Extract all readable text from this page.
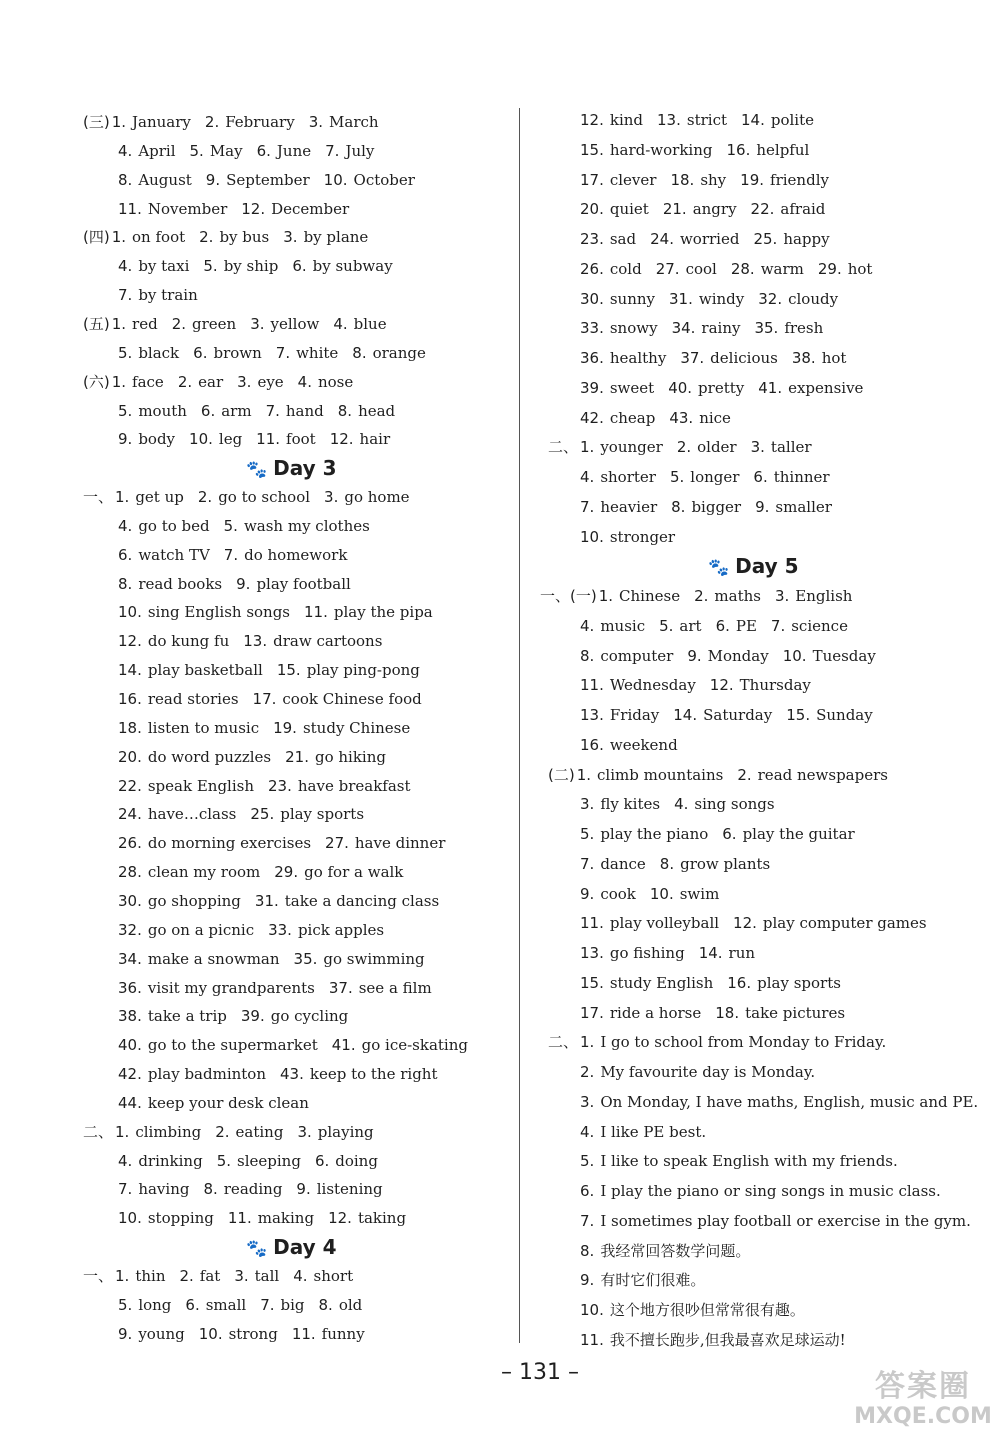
(三) 1. January 2. February 3. March
4. April 5. May 6. June 7. July
8. August 9. September 10. October
11. November 12. December
(四) 1. on foot 2. by bus 3. by plane
4. by taxi 5. by ship 6. by subway
7. by train
(五) 1. red 2. green 3. yellow 4. blue
5. black 6. brown 7. white 8. orange
(六) 1. face 2. ear 3. eye 4. nose
5. mouth 6. arm 7. hand 8. head
9. body 10. leg 11. foot 12. hair
🐾 Day 3
一、 1. get up 2. go to school 3. go home
4. go to bed 5. wash my clothes
6. watch TV 7. do homework
8. read books 9. play football
10. sing English songs 11. play the pipa
12. do kung fu 13. draw cartoons
14. play basketball 15. play ping-pong
16. read stories 17. cook Chinese food
18. listen to music 19. study Chinese
20. do word puzzles 21. go hiking
22. speak English 23. have breakfast
24. have…class 25. play sports
26. do morning exercises 27. have dinner
28. clean my room 29. go for a walk
30. go shopping 31. take a dancing class
32. go on a picnic 33. pick apples
34. make a snowman 35. go swimming
36. visit my grandparents 37. see a film
38. take a trip 39. go cycling
40. go to the supermarket 41. go ice-skating
42. play badminton 43. keep to the right
44. keep your desk clean
二、 1. climbing 2. eating 3. playing
4. drinking 5. sleeping 6. doing
7. having 8. reading 9. listening
10. stopping 11. making 12. taking
🐾 Day 4
一、 1. thin 2. fat 3. tall 4. short
5. long 6. small 7. big 8. old
9. young 10. strong 11. funny
12. kind 13. strict 14. polite
15. hard-working 16. helpful
17. clever 18. shy 19. friendly
20. quiet 21. angry 22. afraid
23. sad 24. worried 25. happy
26. cold 27. cool 28. warm 29. hot
30. sunny 31. windy 32. cloudy
33. snowy 34. rainy 35. fresh
36. healthy 37. delicious 38. hot
39. sweet 40. pretty 41. expensive
42. cheap 43. nice
二、 1. younger 2. older 3. taller
4. shorter 5. longer 6. thinner
7. heavier 8. bigger 9. smaller
10. stronger
🐾 Day 5
一、(一) 1. Chinese 2. maths 3. English
4. music 5. art 6. PE 7. science
8. computer 9. Monday 10. Tuesday
11. Wednesday 12. Thursday
13. Friday 14. Saturday 15. Sunday
16. weekend
(二) 1. climb mountains 2. read newspapers
3. fly kites 4. sing songs
5. play the piano 6. play the guitar
7. dance 8. grow plants
9. cook 10. swim
11. play volleyball 12. play computer games
13. go fishing 14. run
15. study English 16. play sports
17. ride a horse 18. take pictures
二、 1. I go to school from Monday to Friday.
2. My favourite day is Monday.
3. On Monday, I have maths, English, music and PE.
4. I like PE best.
5. I like to speak English with my friends.
6. I play the piano or sing songs in music class.
7. I sometimes play football or exercise in the gym.
8. 我经常回答数学问题。
9. 有时它们很难。
10. 这个地方很吵但常常很有趣。
11. 我不擅长跑步,但我最喜欢足球运动!
– 131 –	答案圈
MXQE.COM
